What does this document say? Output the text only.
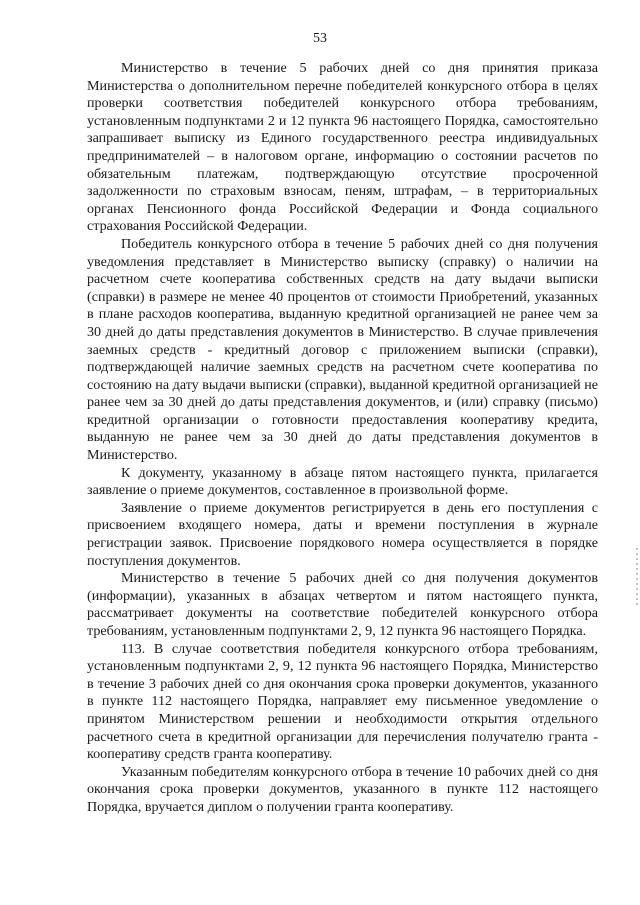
53

Министерство в течение 5 рабочих дней со дня принятия приказа Министерства о дополнительном перечне победителей конкурсного отбора в целях проверки соответствия победителей конкурсного отбора требованиям, установленным подпунктами 2 и 12 пункта 96 настоящего Порядка, самостоятельно запрашивает выписку из Единого государственного реестра индивидуальных предпринимателей – в налоговом органе, информацию о состоянии расчетов по обязательным платежам, подтверждающую отсутствие просроченной задолженности по страховым взносам, пеням, штрафам, – в территориальных органах Пенсионного фонда Российской Федерации и Фонда социального страхования Российской Федерации.

Победитель конкурсного отбора в течение 5 рабочих дней со дня получения уведомления представляет в Министерство выписку (справку) о наличии на расчетном счете кооператива собственных средств на дату выдачи выписки (справки) в размере не менее 40 процентов от стоимости Приобретений, указанных в плане расходов кооператива, выданную кредитной организацией не ранее чем за 30 дней до даты представления документов в Министерство. В случае привлечения заемных средств - кредитный договор с приложением выписки (справки), подтверждающей наличие заемных средств на расчетном счете кооператива по состоянию на дату выдачи выписки (справки), выданной кредитной организацией не ранее чем за 30 дней до даты представления документов, и (или) справку (письмо) кредитной организации о готовности предоставления кооперативу кредита, выданную не ранее чем за 30 дней до даты представления документов в Министерство.

К документу, указанному в абзаце пятом настоящего пункта, прилагается заявление о приеме документов, составленное в произвольной форме.

Заявление о приеме документов регистрируется в день его поступления с присвоением входящего номера, даты и времени поступления в журнале регистрации заявок. Присвоение порядкового номера осуществляется в порядке поступления документов.

Министерство в течение 5 рабочих дней со дня получения документов (информации), указанных в абзацах четвертом и пятом настоящего пункта, рассматривает документы на соответствие победителей конкурсного отбора требованиям, установленным подпунктами 2, 9, 12 пункта 96 настоящего Порядка.

113. В случае соответствия победителя конкурсного отбора требованиям, установленным подпунктами 2, 9, 12 пункта 96 настоящего Порядка, Министерство в течение 3 рабочих дней со дня окончания срока проверки документов, указанного в пункте 112 настоящего Порядка, направляет ему письменное уведомление о принятом Министерством решении и необходимости открытия отдельного расчетного счета в кредитной организации для перечисления получателю гранта - кооперативу средств гранта кооперативу.

Указанным победителям конкурсного отбора в течение 10 рабочих дней со дня окончания срока проверки документов, указанного в пункте 112 настоящего Порядка, вручается диплом о получении гранта кооперативу.
